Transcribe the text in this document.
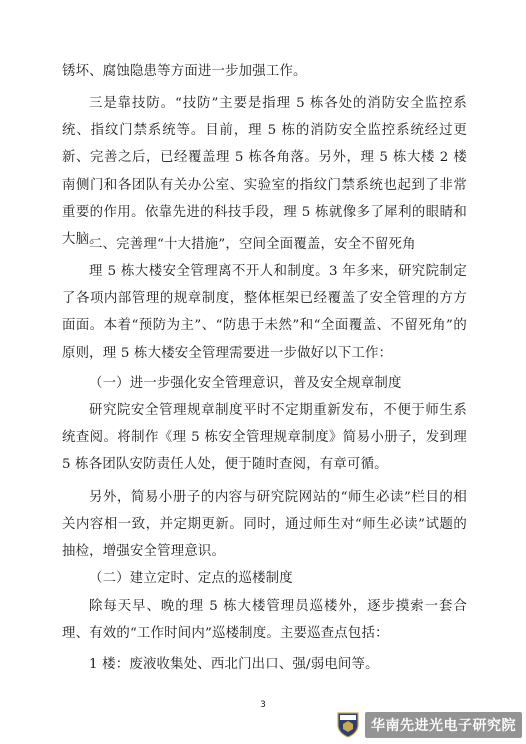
锈坏、腐蚀隐患等方面进一步加强工作。

三是靠技防。“技防”主要是指理 5 栋各处的消防安全监控系统、指纹门禁系统等。目前，理 5 栋的消防安全监控系统经过更新、完善之后，已经覆盖理 5 栋各角落。另外，理 5 栋大楼 2 楼南侧门和各团队有关办公室、实验室的指纹门禁系统也起到了非常重要的作用。依靠先进的科技手段，理 5 栋就像多了犀利的眼睛和大脑。

二、完善理“十大措施”，空间全面覆盖，安全不留死角

理 5 栋大楼安全管理离不开人和制度。3 年多来，研究院制定了各项内部管理的规章制度，整体框架已经覆盖了安全管理的方方面面。本着“预防为主”、“防患于未然”和“全面覆盖、不留死角”的原则，理 5 栋大楼安全管理需要进一步做好以下工作：

（一）进一步强化安全管理意识，普及安全规章制度

研究院安全管理规章制度平时不定期重新发布，不便于师生系统查阅。将制作《理 5 栋安全管理规章制度》简易小册子，发到理 5 栋各团队安防责任人处，便于随时查阅，有章可循。

另外，简易小册子的内容与研究院网站的“师生必读”栏目的相关内容相一致，并定期更新。同时，通过师生对“师生必读”试题的抽检，增强安全管理意识。

（二）建立定时、定点的巡楼制度

除每天早、晚的理 5 栋大楼管理员巡楼外，逐步摸索一套合理、有效的“工作时间内”巡楼制度。主要巡查点包括：

1 楼：废液收集处、西北门出口、强/弱电间等。

3
华南先进光电子研究院
